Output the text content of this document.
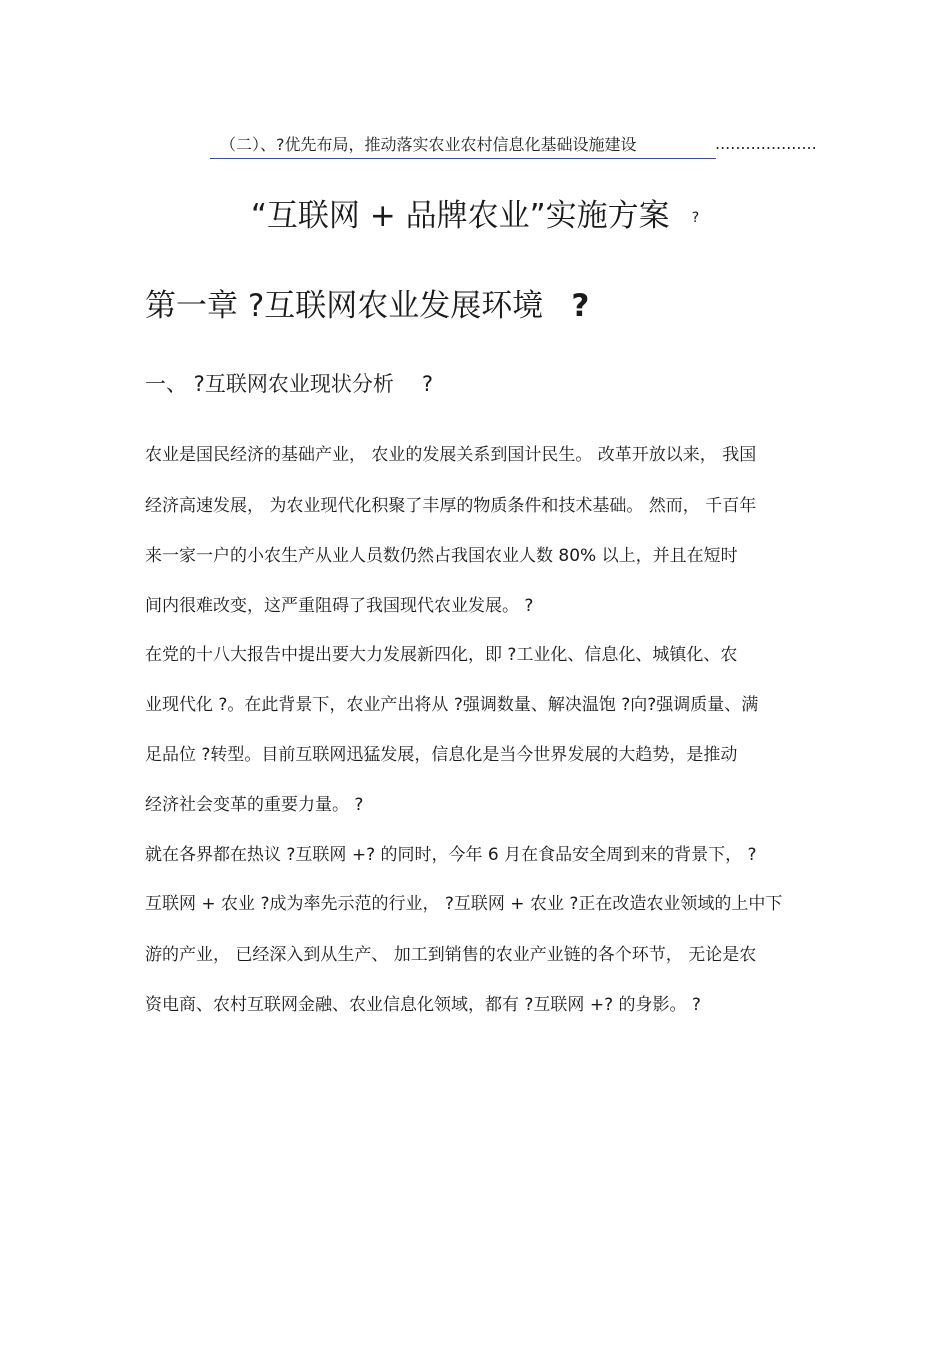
（二）、?优先布局，推动落实农业农村信息化基础设施建设	....................
“互联网 + 品牌农业”实施方案 ?
第一章 ?互联网农业发展环境 ?
一、 ?互联网农业现状分析 ?
农业是国民经济的基础产业， 农业的发展关系到国计民生。 改革开放以来， 我国
经济高速发展， 为农业现代化积聚了丰厚的物质条件和技术基础。 然而， 千百年
来一家一户的小农生产从业人员数仍然占我国农业人数 80% 以上，并且在短时
间内很难改变，这严重阻碍了我国现代农业发展。 ?
在党的十八大报告中提出要大力发展新四化，即 ?工业化、信息化、城镇化、农
业现代化 ?。在此背景下，农业产出将从 ?强调数量、解决温饱 ?向?强调质量、满
足品位 ?转型。目前互联网迅猛发展，信息化是当今世界发展的大趋势，是推动
经济社会变革的重要力量。 ?
就在各界都在热议 ?互联网 +? 的同时，今年 6 月在食品安全周到来的背景下， ?
互联网 + 农业 ?成为率先示范的行业， ?互联网 + 农业 ?正在改造农业领域的上中下
游的产业， 已经深入到从生产、 加工到销售的农业产业链的各个环节， 无论是农
资电商、农村互联网金融、农业信息化领域，都有 ?互联网 +? 的身影。 ?
